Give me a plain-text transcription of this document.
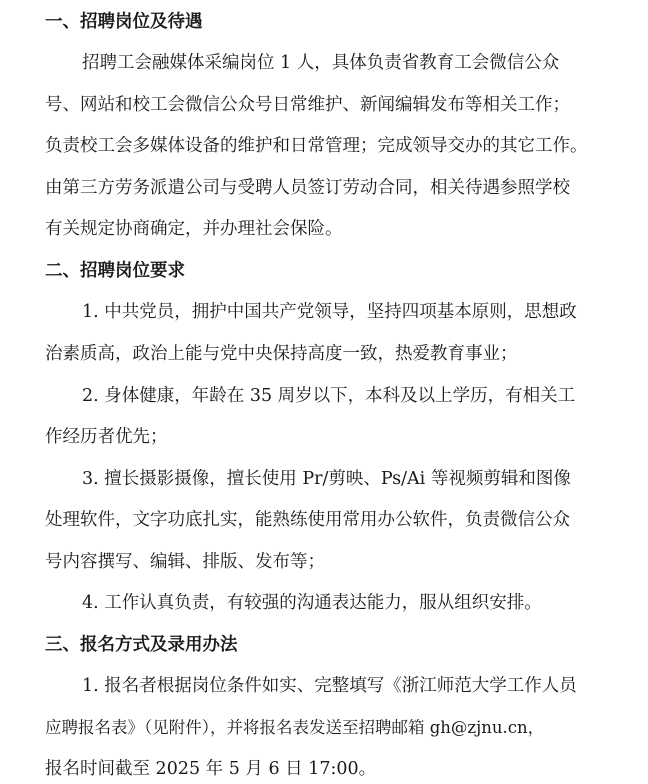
一、招聘岗位及待遇
招聘工会融媒体采编岗位 1 人，具体负责省教育工会微信公众
号、网站和校工会微信公众号日常维护、新闻编辑发布等相关工作；
负责校工会多媒体设备的维护和日常管理；完成领导交办的其它工作。
由第三方劳务派遣公司与受聘人员签订劳动合同，相关待遇参照学校
有关规定协商确定，并办理社会保险。
二、招聘岗位要求
1. 中共党员，拥护中国共产党领导，坚持四项基本原则，思想政
治素质高，政治上能与党中央保持高度一致，热爱教育事业；
2. 身体健康，年龄在 35 周岁以下，本科及以上学历，有相关工
作经历者优先；
3. 擅长摄影摄像，擅长使用 Pr/剪映、Ps/Ai 等视频剪辑和图像
处理软件，文字功底扎实，能熟练使用常用办公软件，负责微信公众
号内容撰写、编辑、排版、发布等；
4. 工作认真负责，有较强的沟通表达能力，服从组织安排。
三、报名方式及录用办法
1. 报名者根据岗位条件如实、完整填写《浙江师范大学工作人员
应聘报名表》（见附件），并将报名表发送至招聘邮箱 gh@zjnu.cn，
报名时间截至 2025 年 5 月 6 日 17:00。
